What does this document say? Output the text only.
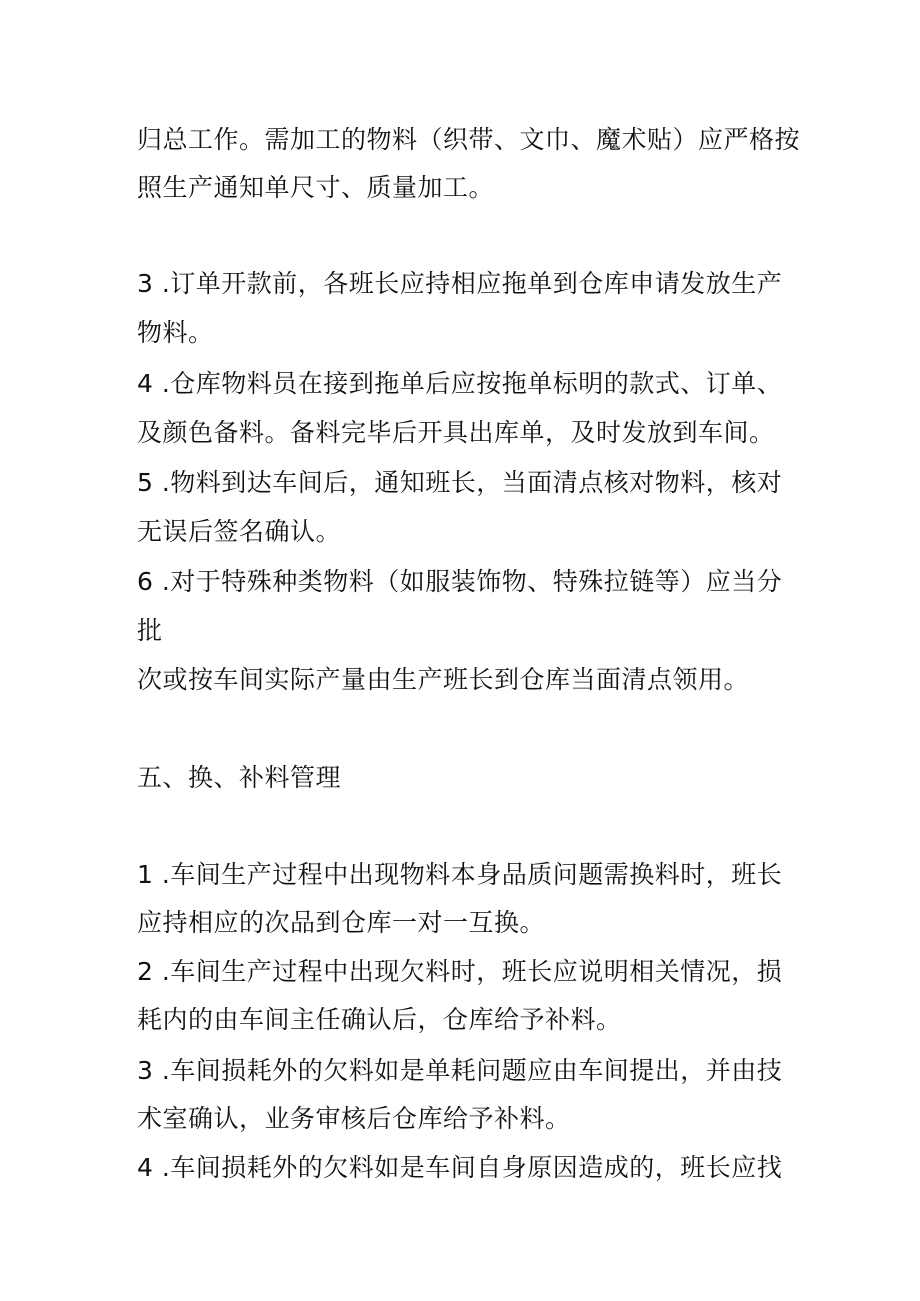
归总工作。需加工的物料（织带、文巾、魔术贴）应严格按
照生产通知单尺寸、质量加工。
3 .订单开款前，各班长应持相应拖单到仓库申请发放生产
物料。
4 .仓库物料员在接到拖单后应按拖单标明的款式、订单、
及颜色备料。备料完毕后开具出库单，及时发放到车间。
5 .物料到达车间后，通知班长，当面清点核对物料，核对
无误后签名确认。
6 .对于特殊种类物料（如服装饰物、特殊拉链等）应当分
批
次或按车间实际产量由生产班长到仓库当面清点领用。
五、换、补料管理
1 .车间生产过程中出现物料本身品质问题需换料时，班长
应持相应的次品到仓库一对一互换。
2 .车间生产过程中出现欠料时，班长应说明相关情况，损
耗内的由车间主任确认后，仓库给予补料。
3 .车间损耗外的欠料如是单耗问题应由车间提出，并由技
术室确认，业务审核后仓库给予补料。
4 .车间损耗外的欠料如是车间自身原因造成的，班长应找
